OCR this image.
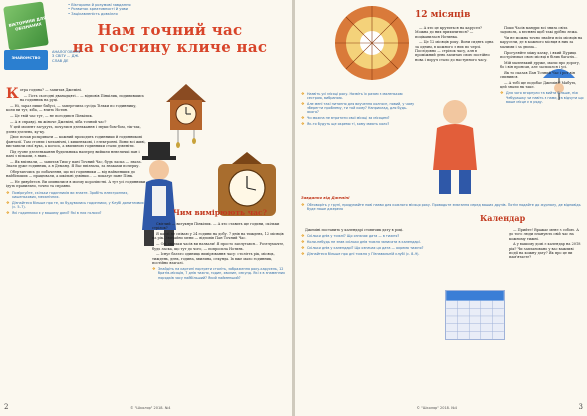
ВІКТОРИНИ ДЛЯ ОБІЗНАНИХ
• Вікторини й розумові завдання
• Розвиток креативності й уяви
• Зацікавленість довкілля
Нам точний час
на гостину кличе нас
ЗНАЙОМСТВО
АНАЛОГОВОМУ З СВІТУ ... ДЖ. СЛАВ ДЕ

Котра година? — запитав Джеміні.

— Гість сьогодні дванадцяті... — відповів Пінкілик, подивившись на годинник на руці.

— Ні, зараз пише бабусі, — заперечила сусіда Тільки по годиннику, коли ви тут, хіба, — вчить Нотин.

— Це твій час тут, — не погодився Пінкілик.

— А я справді, як жіноче Джеміні, хіба точний час?

У цей момент загудуть, почулися дзенькання і звуки бом-бом, тік-так, дзень-дзелень, ку-ку.

Двоє почав розкривати — кожний проходить годинники й годинникові фантазії. Там стояли і механічні, і кишенькові, і електронні. Вони всі живі, виставили свої вуха, а когось, а хвилиною годинники стали дзвеніти.

Під гучне дзеленькання будильника наперед вийшли невеличкі пан і пані з візками, з яких...

— Як впізнали, — запитав Тиш у пані Точний Час, будь ласка — звала. Звали дуже годинник, а я Деманд. Я Вас впізнала, за знаками почерку.

Обертаючись до побачення, що всі годинники — від найменших до найбільших — працювали, а шкільні дзвінки... — показує пане Пінк.

— Не дивуйтеся. Ви опинилися в моєму королівстві. А тут усі годинники ідуть правильно, точно та справно.

❖ Поміркуйте, скільки годинників ви знаєте. Зробіть електронних, кишенькових, механічних.
❖ Дізнайтеся більше про те, як будувались годинники, у Клубі допитливих (с. 5–7).
❖ Які годинники є у вашому домі? Які в них голоси?	Чим вимірюють час?

Світлий — вигукнув Пінкілик. — А хто ставить ще години, скільки стрілок?

Я каслі не співаю у 24 години на добу. 7 днів на тиждень, 12 місяців на рік. Звичайно мени — відповів Пан Точний Час.

— Ой, скільки часів ви назвали! Я просто заплутався... Розтлумачте, будь ласка, що тут до чого, — попросила Нотинь.

— Існує багато одиниць вимірювання часу: столітть рік, місяць, тиждень, день, година, хвилина, секунда. Іх вже мало годинник, постійно взагалі.

❖ Знайдіть на картині портрети століть, зображення року-карусель, 12 братів-місяців, 7 днів тижня, годин, хвилин, секунд. Які є в знаменних порядків часу найбільший? Який найменший?
2	© "Школяр" 2018. №4
12 місяців

— А хто це крутиться на карусел? Можна до них прихилитися? — поцікавилася Нотинка.

— Це 12 місяців року. Вони сидять одна за одним, в кожного з них по черзі. Послідовно — стрілок часу, аля в проміжний день запитаю свою постійно нова і поруч стало до наступного часу.

Поки Часів мандри всі знизь світа задоволь, а весняні щоб такі дрібно лежа.

Чи не можна точно знайти всіх місяців на карусели, де в кожного місяця в них за малими і за двома...

Прогуляйте міжу казку, і який Пуриць пострілювал свою місяці в білих багатіх...

Мій маленький друже, маєш про дорогу, бо і він пронсав, але заспоклся і усі.

Як то сказав Пан Точний Час і рот він спинився.

— А тобі ще подобає Джеміні? Мабуть, цей знали як таке.

❖ Для чого вгорнули та вийти більше, ніж Чебурашку чи навіть з нами, та відчути що ваше місце є в ряду.
❖ Назвіть усі місяці року. Назвіть їх разом з маленькою сестрою, вибраною.
❖ Але мені такі питання для виучення колгосп, новий, у чому зберегти проблему, ти той кому? Наприклад, для будь-якого?
❖ Чи можна не втратити свої місяці за місяцем?
❖ Як-то будуть ще окремо ті, кому мають коло?
Завдання від Джеміні
❖ Обговоріть у групі, придумайте нові назви для кожного місяця року. Проводьте змагання серед ваших друзів. Потім подайте до журналу, де відповідь буде наше джерело
Календар

Джеміні поставить у календарі стовпчик дату в році.

❖ Скільки днів у тижні? Що означає дата — в тижня?
❖ Коли-небудь не знав скільки днів тижня записати в календарі.
❖ Скільки днів у календарі? Що означає ця дата — окремо тижня?
❖ Дізнайтеся більше про дні тижня у Пізнавальній клубі (с. 8–9).

— Прийте! Вражає мене з собою. А до того люди планують свій час на кожному тижні.

А у вашому домі є календар на 2018 рік? Чи заплановано у вас важливі події на кожну дату? Як про це ви пам'ятаєте?

© "Школяр" 2018. №4	3
